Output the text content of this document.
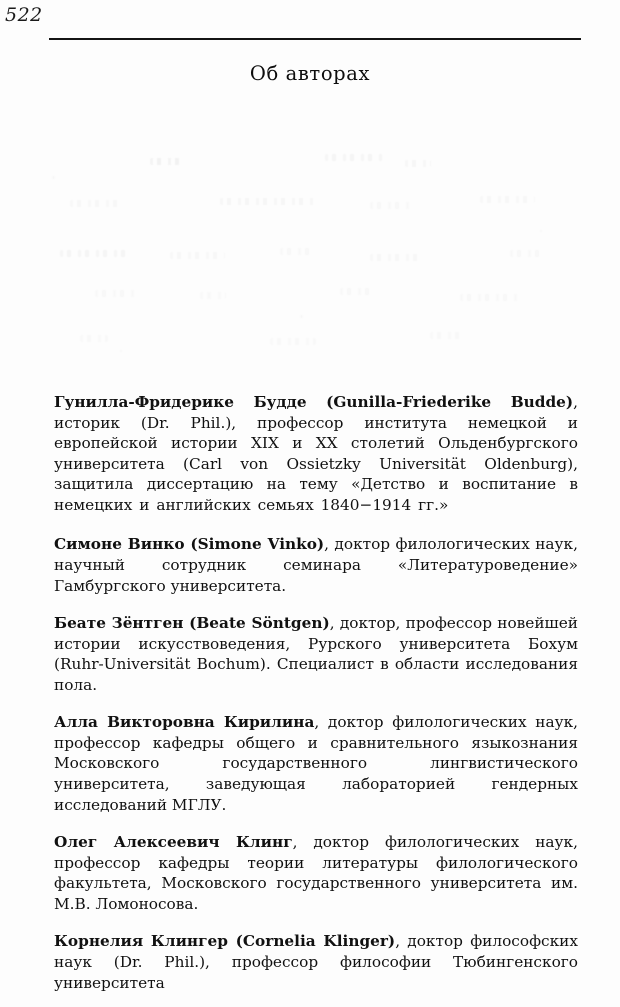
522
Об авторах
Гунилла-Фридерике Будде (Gunilla-Friederike Budde), историк (Dr. Phil.), профессор института немецкой и европейской истории XIX и XX столетий Ольденбургского университета (Carl von Ossietzky Universität Oldenburg), защитила диссертацию на тему «Детство и воспитание в немецких и английских семьях 1840−1914 гг.»
Симоне Винко (Simone Vinko), доктор филологических наук, научный сотрудник семинара «Литературоведение» Гамбургского университета.
Беате Зёнтген (Beate Söntgen), доктор, профессор новейшей истории искусствоведения, Рурского университета Бохум (Ruhr-Universität Bochum). Специалист в области исследования пола.
Алла Викторовна Кирилина, доктор филологических наук, профессор кафедры общего и сравнительного языкознания Московского государственного лингвистического университета, заведующая лабораторией гендерных исследований МГЛУ.
Олег Алексеевич Клинг, доктор филологических наук, профессор кафедры теории литературы филологического факультета, Московского государственного университета им. М.В. Ломоносова.
Корнелия Клингер (Cornelia Klinger), доктор философских наук (Dr. Phil.), профессор философии Тюбингенского университета
